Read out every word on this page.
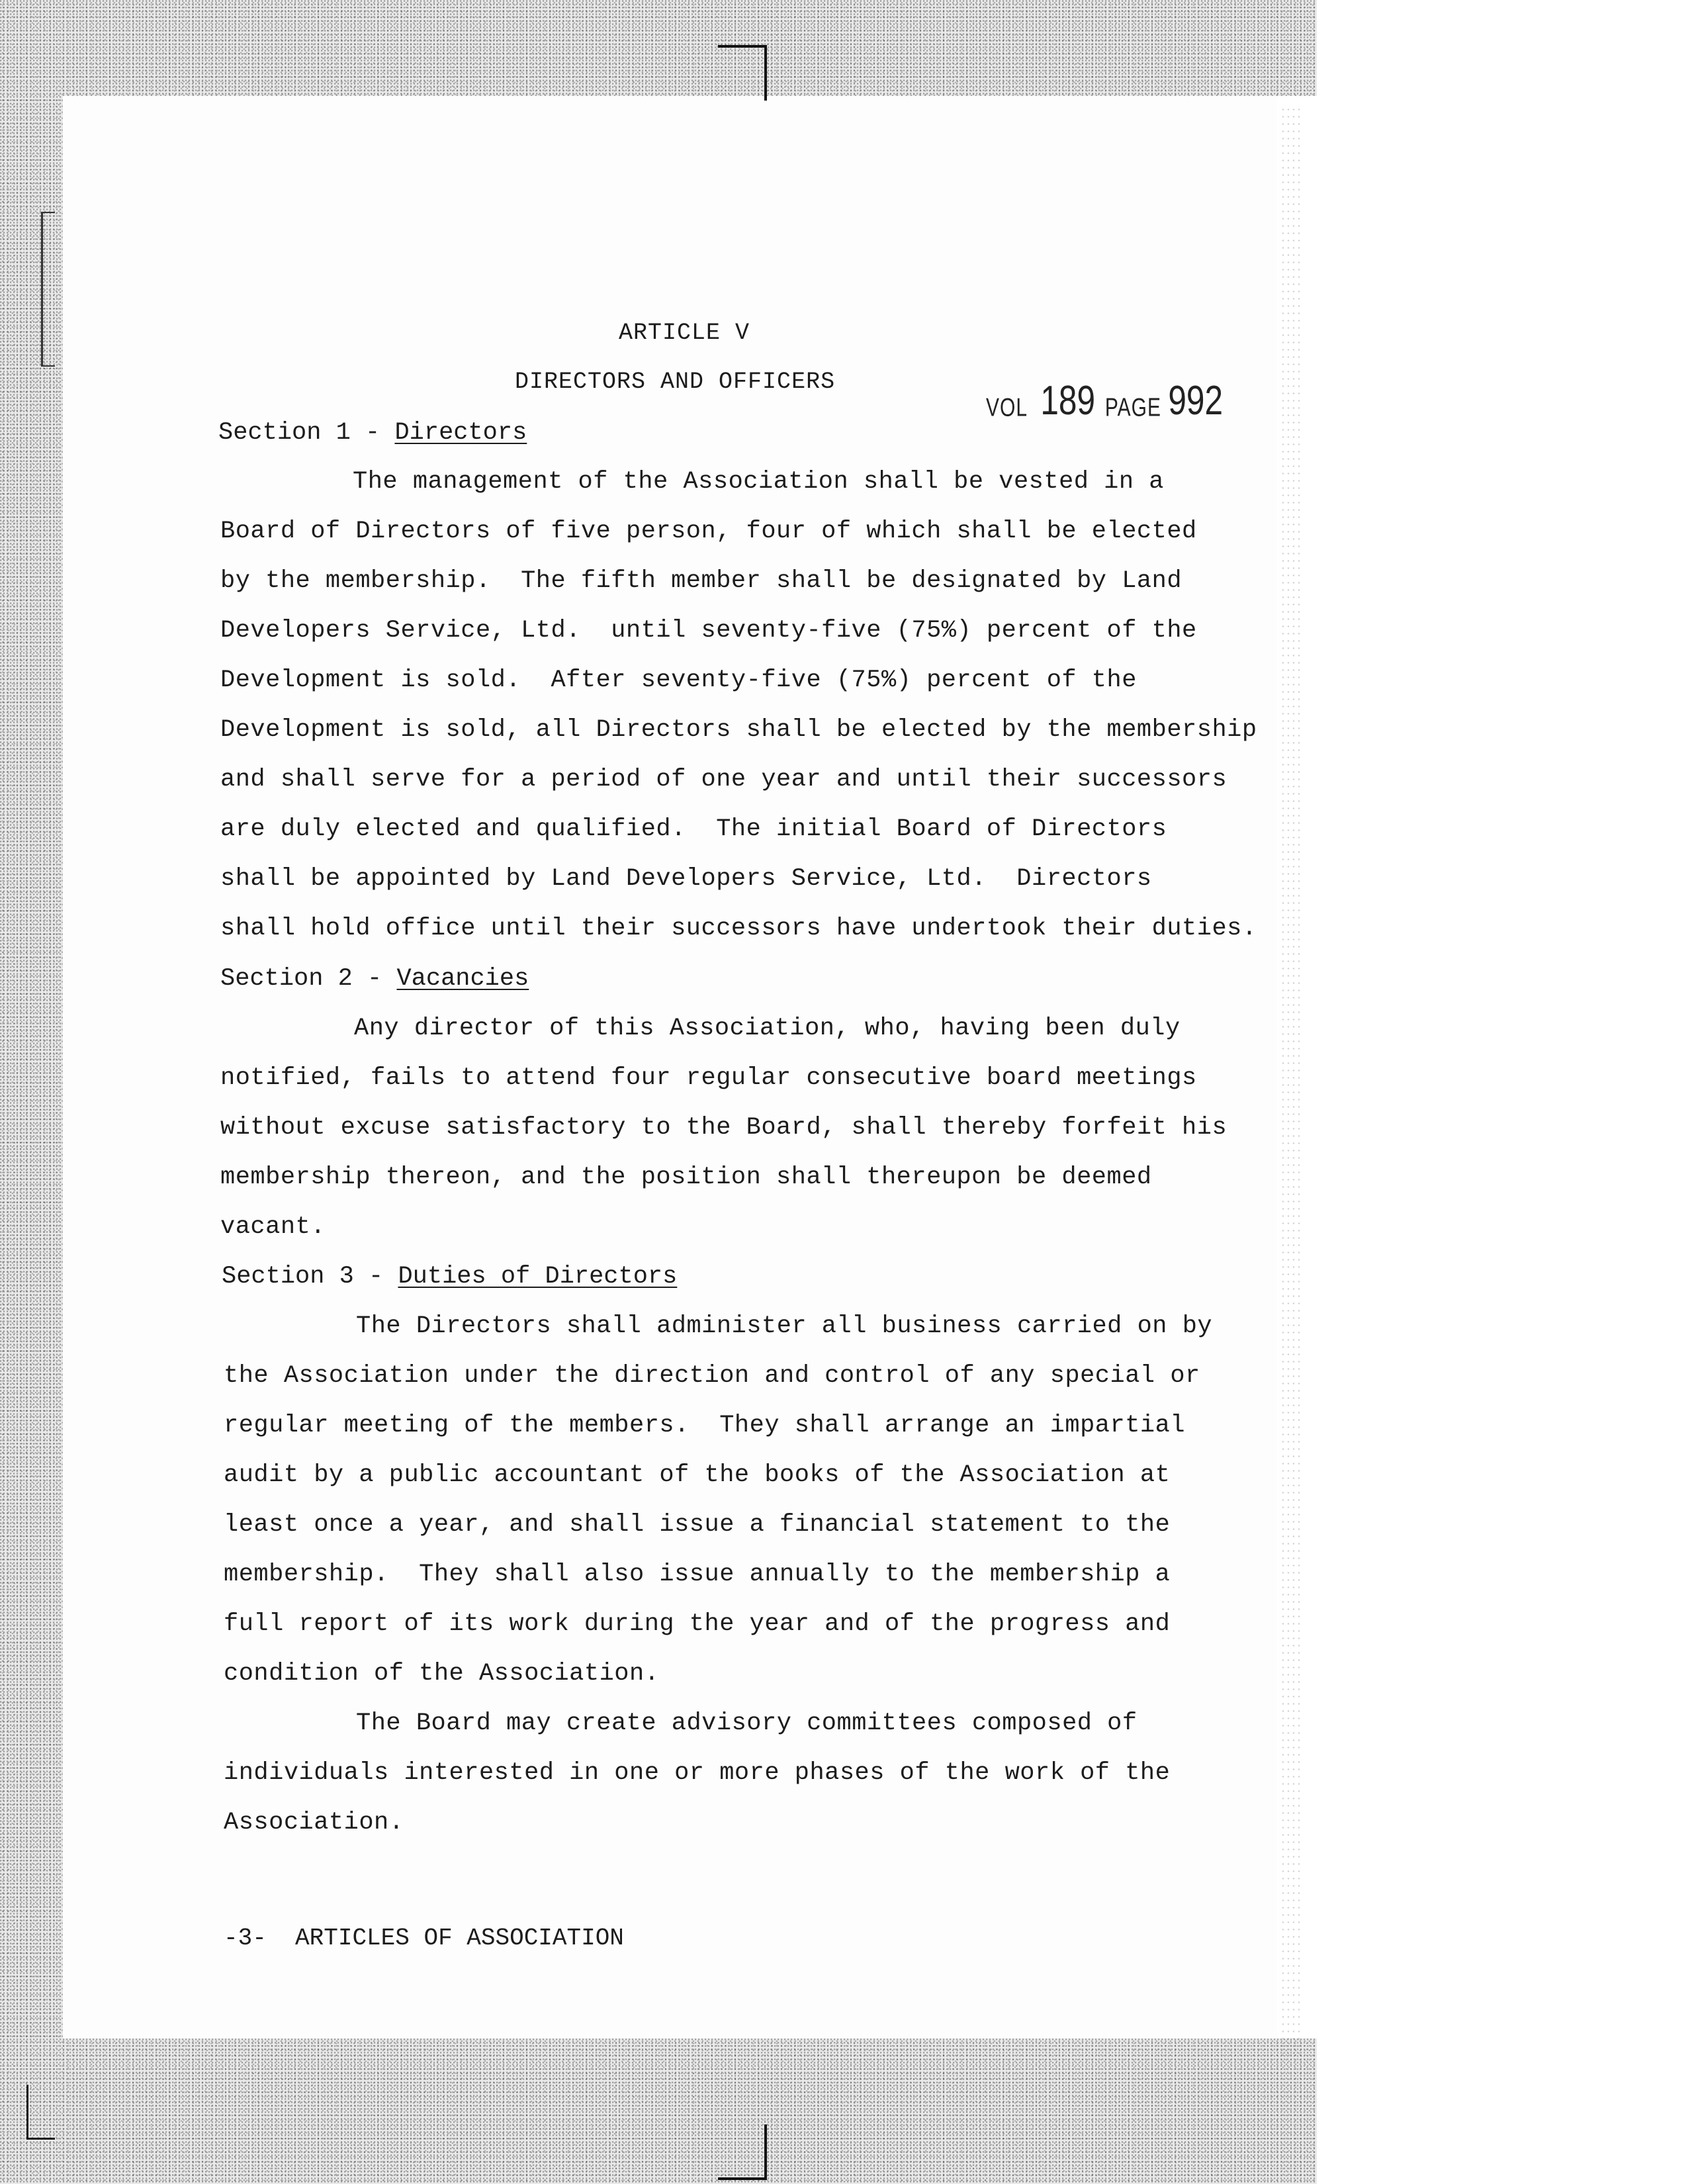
ARTICLE V
DIRECTORS AND OFFICERS
VOL 189 PAGE 992
Section 1 - Directors
The management of the Association shall be vested in a
Board of Directors of five person, four of which shall be elected
by the membership.  The fifth member shall be designated by Land
Developers Service, Ltd.  until seventy-five (75%) percent of the
Development is sold.  After seventy-five (75%) percent of the
Development is sold, all Directors shall be elected by the membership
and shall serve for a period of one year and until their successors
are duly elected and qualified.  The initial Board of Directors
shall be appointed by Land Developers Service, Ltd.  Directors
shall hold office until their successors have undertook their duties.
Section 2 - Vacancies
Any director of this Association, who, having been duly
notified, fails to attend four regular consecutive board meetings
without excuse satisfactory to the Board, shall thereby forfeit his
membership thereon, and the position shall thereupon be deemed
vacant.
Section 3 - Duties of Directors
The Directors shall administer all business carried on by
the Association under the direction and control of any special or
regular meeting of the members.  They shall arrange an impartial
audit by a public accountant of the books of the Association at
least once a year, and shall issue a financial statement to the
membership.  They shall also issue annually to the membership a
full report of its work during the year and of the progress and
condition of the Association.
The Board may create advisory committees composed of
individuals interested in one or more phases of the work of the
Association.
-3- ARTICLES OF ASSOCIATION
